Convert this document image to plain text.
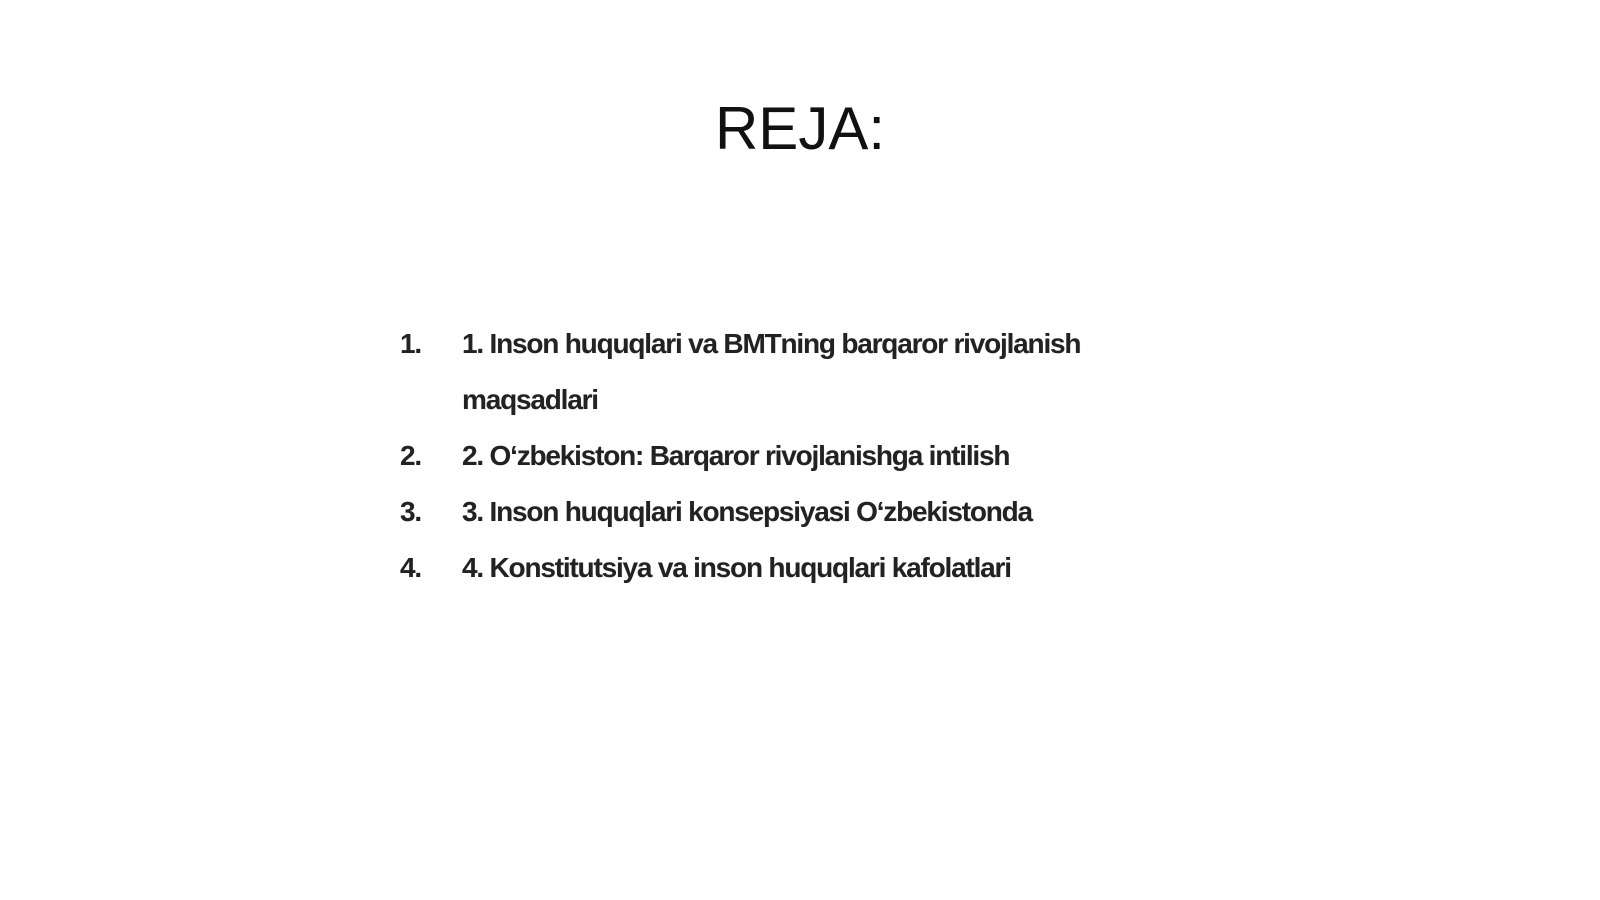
REJA:
1.	1. Inson huquqlari va BMTning barqaror rivojlanish maqsadlari
2.	2. O‘zbekiston: Barqaror rivojlanishga intilish
3.	3. Inson huquqlari konsepsiyasi O‘zbekistonda
4.	4. Konstitutsiya va inson huquqlari kafolatlari
